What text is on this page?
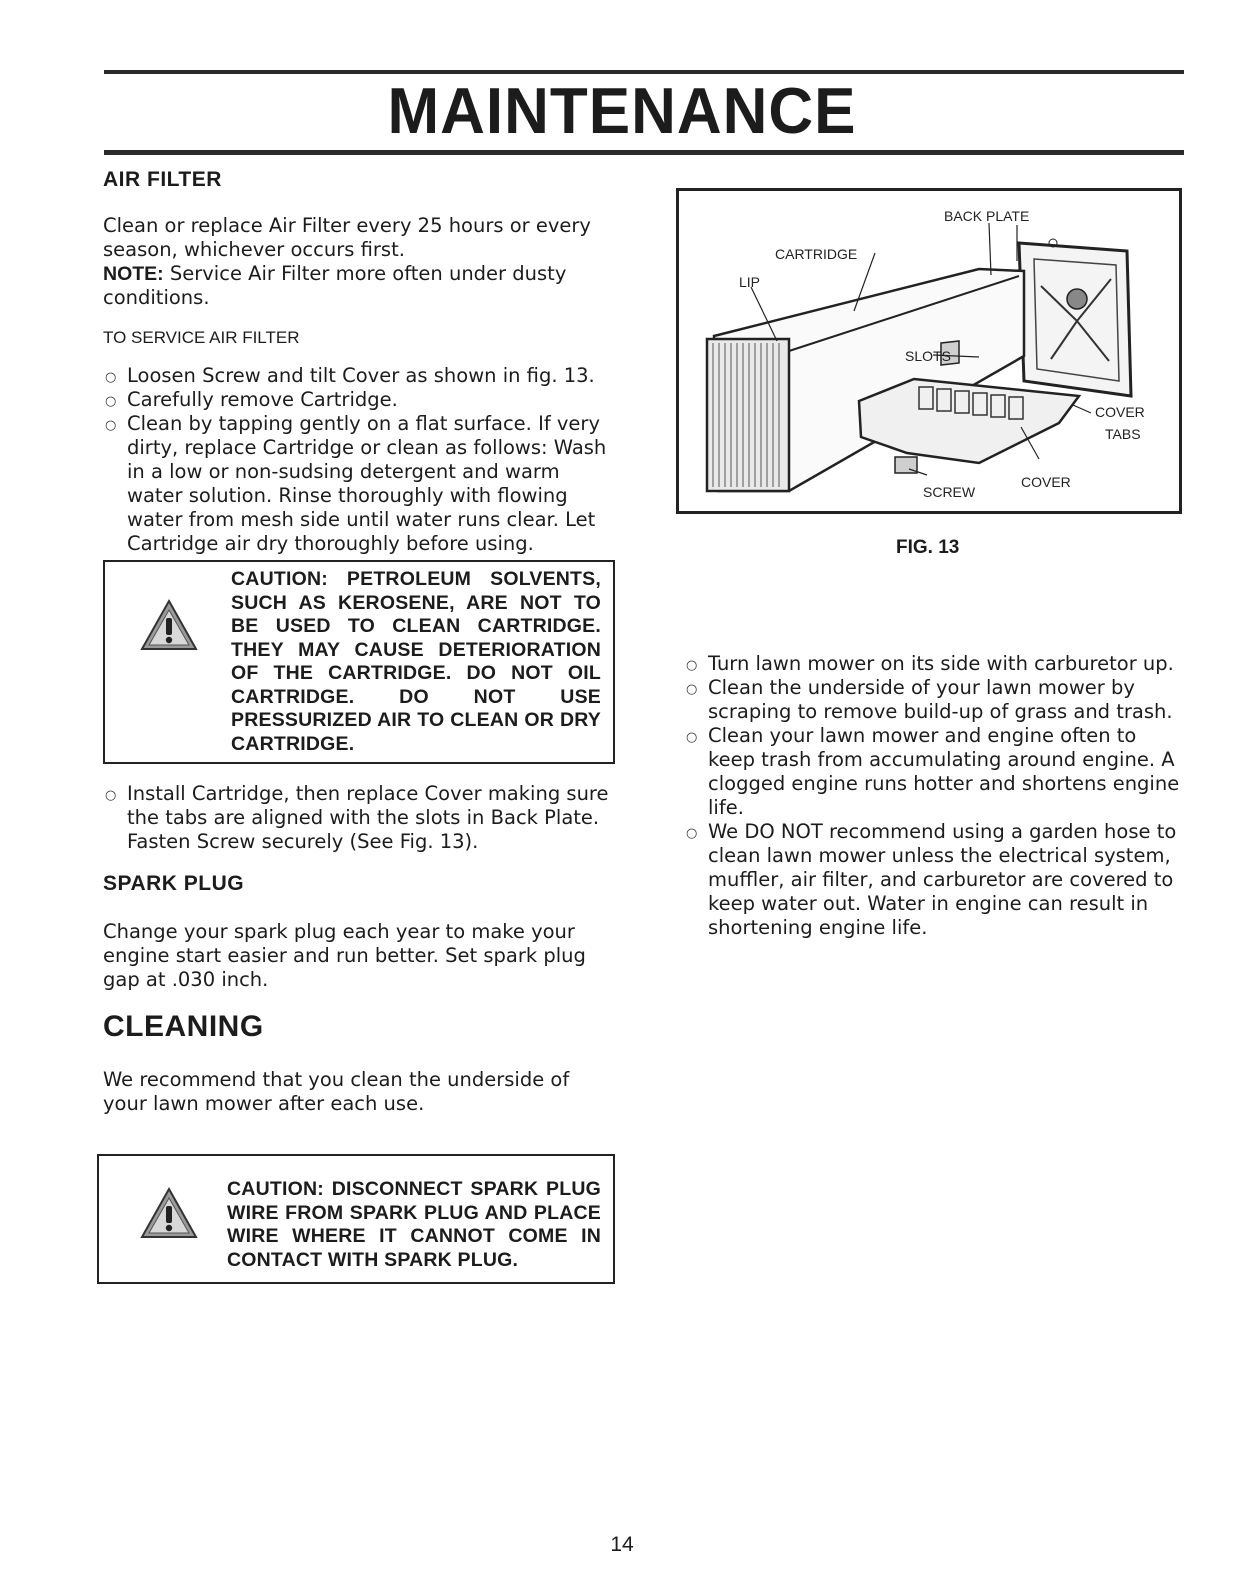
MAINTENANCE
AIR FILTER

Clean or replace Air Filter every 25 hours or every season, whichever occurs first.

NOTE: Service Air Filter more often under dusty conditions.

TO SERVICE AIR FILTER

○ Loosen Screw and tilt Cover as shown in fig. 13.
○ Carefully remove Cartridge.
○ Clean by tapping gently on a flat surface. If very dirty, replace Cartridge or clean as follows: Wash in a low or non-sudsing detergent and warm water solution. Rinse thoroughly with flowing water from mesh side until water runs clear. Let Cartridge air dry thoroughly before using.
CAUTION: PETROLEUM SOLVENTS, SUCH AS KEROSENE, ARE NOT TO BE USED TO CLEAN CARTRIDGE. THEY MAY CAUSE DETERIORATION OF THE CARTRIDGE. DO NOT OIL CARTRIDGE. DO NOT USE PRESSURIZED AIR TO CLEAN OR DRY CARTRIDGE.
○ Install Cartridge, then replace Cover making sure the tabs are aligned with the slots in Back Plate. Fasten Screw securely (See Fig. 13).
SPARK PLUG

Change your spark plug each year to make your engine start easier and run better. Set spark plug gap at .030 inch.

CLEANING

We recommend that you clean the underside of your lawn mower after each use.

CAUTION: DISCONNECT SPARK PLUG WIRE FROM SPARK PLUG AND PLACE WIRE WHERE IT CANNOT COME IN CONTACT WITH SPARK PLUG.
BACK PLATE
CARTRIDGE
LIP
SLOTS
COVER
TABS
COVER
SCREW
FIG. 13
○ Turn lawn mower on its side with carburetor up.
○ Clean the underside of your lawn mower by scraping to remove build-up of grass and trash.
○ Clean your lawn mower and engine often to keep trash from accumulating around engine. A clogged engine runs hotter and shortens engine life.
○ We DO NOT recommend using a garden hose to clean lawn mower unless the electrical system, muffler, air filter, and carburetor are covered to keep water out. Water in engine can result in shortening engine life.
14
